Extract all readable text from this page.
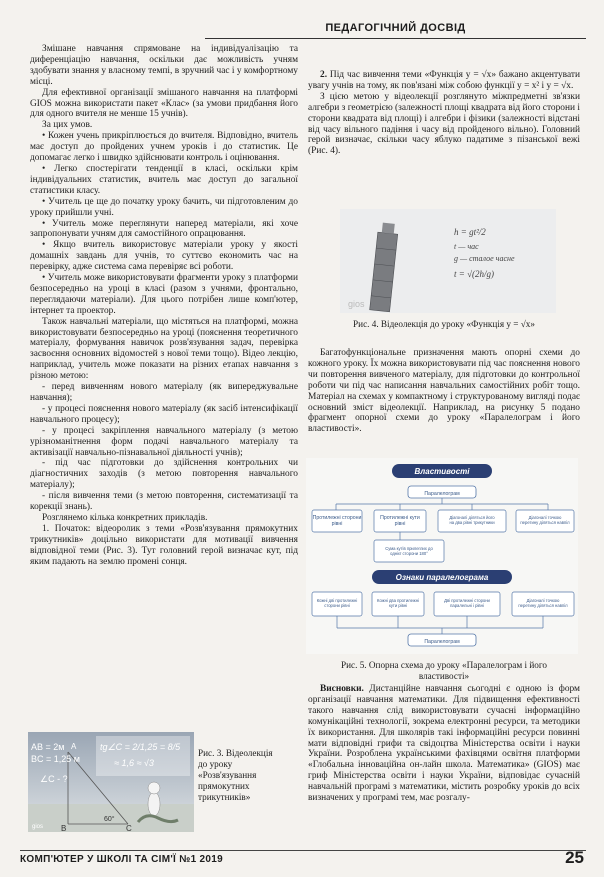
ПЕДАГОГІЧНИЙ ДОСВІД

Змішане навчання спрямоване на індивідуалізацію та диференціацію навчання, оскільки дає можливість учням здобувати знання у власному темпі, в зручний час і у комфортному місці.

Для ефективної організації змішаного навчання на платформі GIOS можна використати пакет «Клас» (за умови придбання його для одного вчителя не менше 15 учнів).

За цих умов.

• Кожен учень прикріплюється до вчителя. Відповідно, вчитель має доступ до пройдених учнем уроків і до статистик. Це допомагає легко і швидко здійснювати контроль і оцінювання.

• Легко спостерігати тенденції в класі, оскільки крім індивідуальних статистик, вчитель має доступ до загальної статистики класу.

• Учитель це ще до початку уроку бачить, чи підготовленим до уроку прийшли учні.

• Учитель може переглянути наперед матеріали, які хоче запропонувати учням для самостійного опрацювання.

• Якщо вчитель використовує матеріали уроку у якості домашніх завдань для учнів, то суттєво економить час на перевірку, адже система сама перевіряє всі роботи.

• Учитель може використовувати фрагменти уроку з платформи безпосередньо на уроці в класі (разом з учнями, фронтально, переглядаючи матеріали). Для цього потрібен лише комп'ютер, інтернет та проектор.

Також навчальні матеріали, що містяться на платформі, можна використовувати безпосередньо на уроці (пояснення теоретичного матеріалу, формування навичок розв'язування задач, перевірка засвоєння основних відомостей з нової теми тощо). Відео лекцію, наприклад, учитель може показати на різних етапах навчання з різною метою:

- перед вивченням нового матеріалу (як випереджувальне навчання);

- у процесі пояснення нового матеріалу (як засіб інтенсифікації навчального процесу);

- у процесі закріплення навчального матеріалу (з метою урізноманітнення форм подачі навчального матеріалу та активізації навчально-пізнавальної діяльності учнів);

- під час підготовки до здійснення контрольних чи діагностичних заходів (з метою повторення навчального матеріалу);

- після вивчення теми (з метою повторення, систематизації та корекції знань).

Розглянемо кілька конкретних прикладів.

1. Початок: відеоролик з теми «Розв'язування прямокутних трикутників» доцільно використати для мотивації вивчення відповідної теми (Рис. 3). Тут головний герой визначає кут, під яким падають на землю промені сонця.

AB = 2м
BC = 1,25 м
∠C - ?
tg∠C = 2/1,25 = 8/5
≈ 1,6 ≈ √3
A
B	C
60°
gios
Рис. 3. Відеолекція до уроку «Розв'язування прямокутних трикутників»

2. Під час вивчення теми «Функція y = √x» бажано акцентувати увагу учнів на тому, як пов'язані між собою функції y = x² і y = √x.

З цією метою у відеолекції розглянуто міжпредметні зв'язки алгебри з геометрією (залежності площі квадрата від його сторони і сторони квадрата від площі) і алгебри і фізики (залежності відстані від часу вільного падіння і часу від пройденого вільно). Головний герой визначає, скільки часу яблуко падатиме з пізанської вежі (Рис. 4).

h = gt²/2
t — час
g — сталое часне
t = √(2h/g)
gios
Рис. 4. Відеолекція до уроку «Функція y = √x»

Багатофункціональне призначення мають опорні схеми до кожного уроку. Їх можна використовувати під час пояснення нового чи повторення вивченого матеріалу, для підготовки до контрольної роботи чи під час написання навчальних самостійних робіт тощо. Матеріал на схемах у компактному і структурованому вигляді подає основний зміст відеолекції. Наприклад, на рисунку 5 подано фрагмент опорної схеми до уроку «Паралелограм і його властивості».

Властивості
Паралелограм
Протилежні сторони рівні
Протилежні кути рівні
Діагоналі діляться його на два рівні трикутники
Діагоналі точкою перетину діляться навпіл
Сума кутів прилеглих до однієї сторони 180°
Ознаки паралелограма
Кожні дві протилежні сторони рівні
Кожні два протилежні кути рівні
Дві протилежні сторони паралельні і рівні
Діагоналі точкою перетину діляться навпіл
Паралелограм
Рис. 5. Опорна схема до уроку «Паралелограм і його властивості»

Висновки. Дистанційне навчання сьогодні є одною із форм організації навчання математики. Для підвищення ефективності такого навчання слід використовувати сучасні інформаційно комунікаційні технології, зокрема електронні ресурси, та методики їх використання. Для школярів такі інформаційні ресурси повинні мати відповідні грифи та свідоцтва Міністерства освіти і науки України. Розроблена українськими фахівцями освітня платформи «Глобальна інноваційна он-лайн школа. Математика» (GIOS) має гриф Міністерства освіти і науки України, відповідає сучасній навчальній програмі з математики, містить розробку уроків до всіх визначених у програмі тем, має розгалу-

КОМП'ЮТЕР У ШКОЛІ ТА СІМ'Ї №1 2019	25
